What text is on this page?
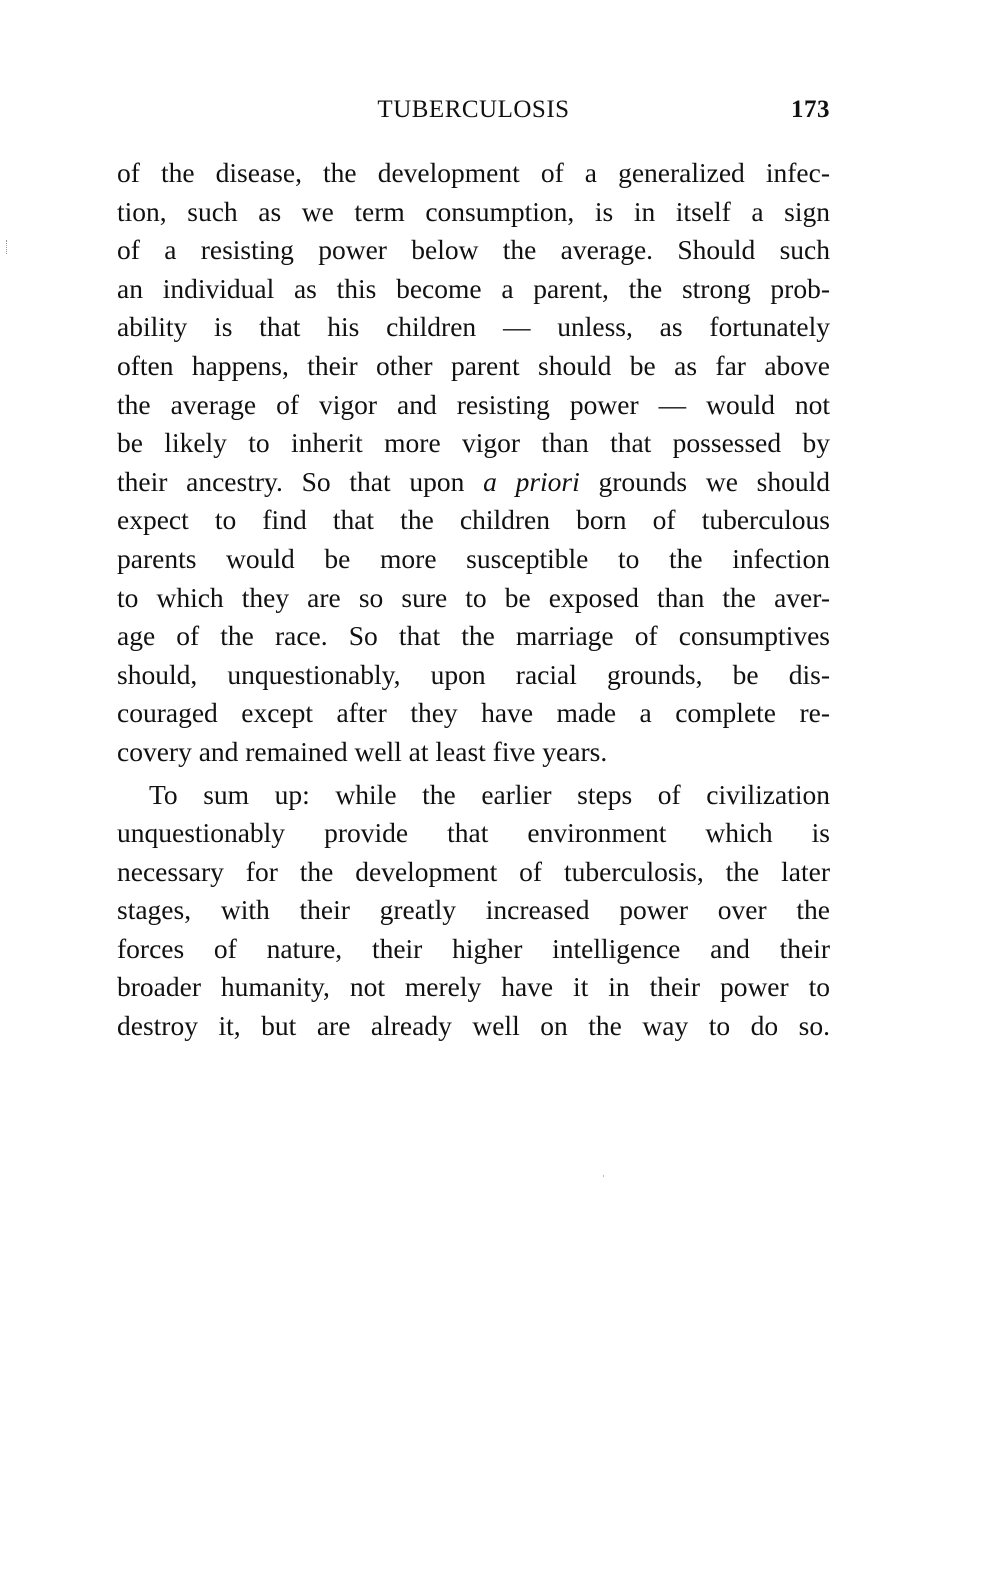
TUBERCULOSIS	173
of the disease, the development of a generalized infec-
tion, such as we term consumption, is in itself a sign
of a resisting power below the average. Should such
an individual as this become a parent, the strong prob-
ability is that his children — unless, as fortunately
often happens, their other parent should be as far above
the average of vigor and resisting power — would not
be likely to inherit more vigor than that possessed by
their ancestry. So that upon a priori grounds we should
expect to find that the children born of tuberculous
parents would be more susceptible to the infection
to which they are so sure to be exposed than the aver-
age of the race. So that the marriage of consumptives
should, unquestionably, upon racial grounds, be dis-
couraged except after they have made a complete re-
covery and remained well at least five years.
To sum up: while the earlier steps of civilization
unquestionably provide that environment which is
necessary for the development of tuberculosis, the later
stages, with their greatly increased power over the
forces of nature, their higher intelligence and their
broader humanity, not merely have it in their power to
destroy it, but are already well on the way to do so.
